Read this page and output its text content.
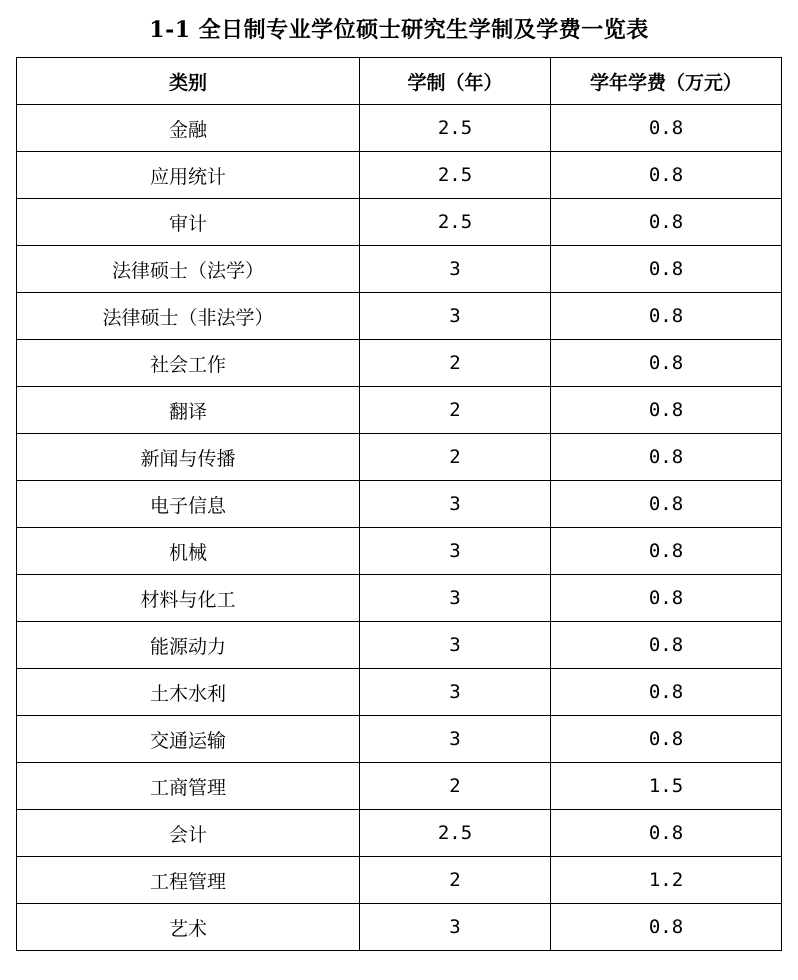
1-1 全日制专业学位硕士研究生学制及学费一览表
类别	学制（年）	学年学费（万元）
金融	2.5	0.8
应用统计	2.5	0.8
审计	2.5	0.8
法律硕士（法学）	3	0.8
法律硕士（非法学）	3	0.8
社会工作	2	0.8
翻译	2	0.8
新闻与传播	2	0.8
电子信息	3	0.8
机械	3	0.8
材料与化工	3	0.8
能源动力	3	0.8
土木水利	3	0.8
交通运输	3	0.8
工商管理	2	1.5
会计	2.5	0.8
工程管理	2	1.2
艺术	3	0.8
